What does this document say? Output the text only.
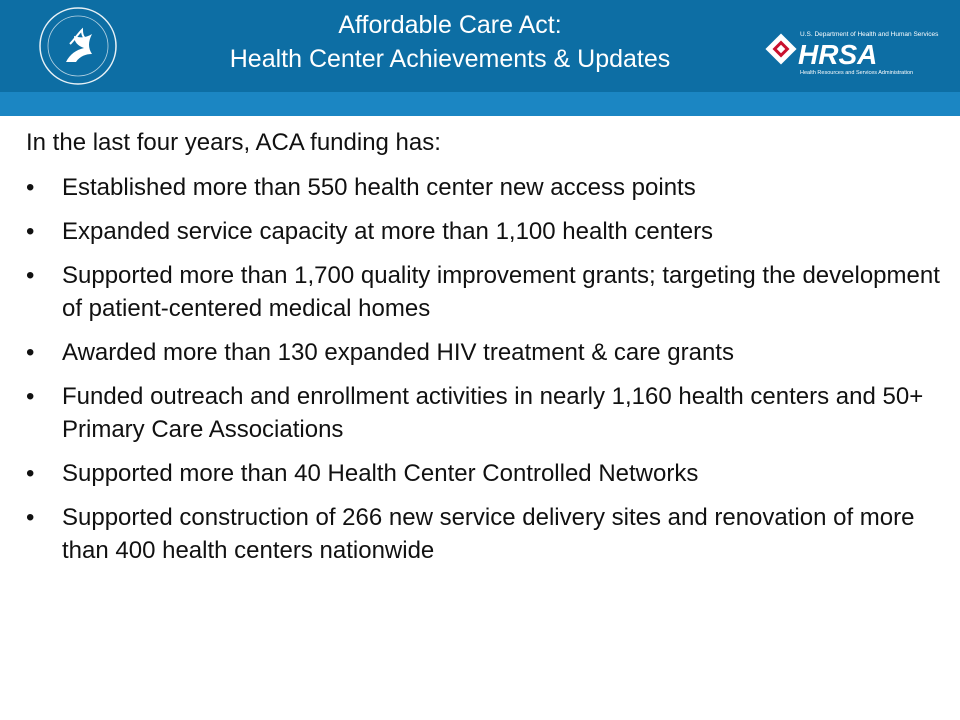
Affordable Care Act:
Health Center Achievements & Updates
U.S. Department of Health and Human Services
HRSA
Health Resources and Services Administration

In the last four years, ACA funding has:

• Established more than 550 health center new access points
• Expanded service capacity at more than 1,100 health centers
• Supported more than 1,700 quality improvement grants; targeting the development of patient-centered medical homes
• Awarded more than 130 expanded HIV treatment & care grants
• Funded outreach and enrollment activities in nearly 1,160 health centers and 50+ Primary Care Associations
• Supported more than 40 Health Center Controlled Networks
• Supported construction of 266 new service delivery sites and renovation of more than 400 health centers nationwide
